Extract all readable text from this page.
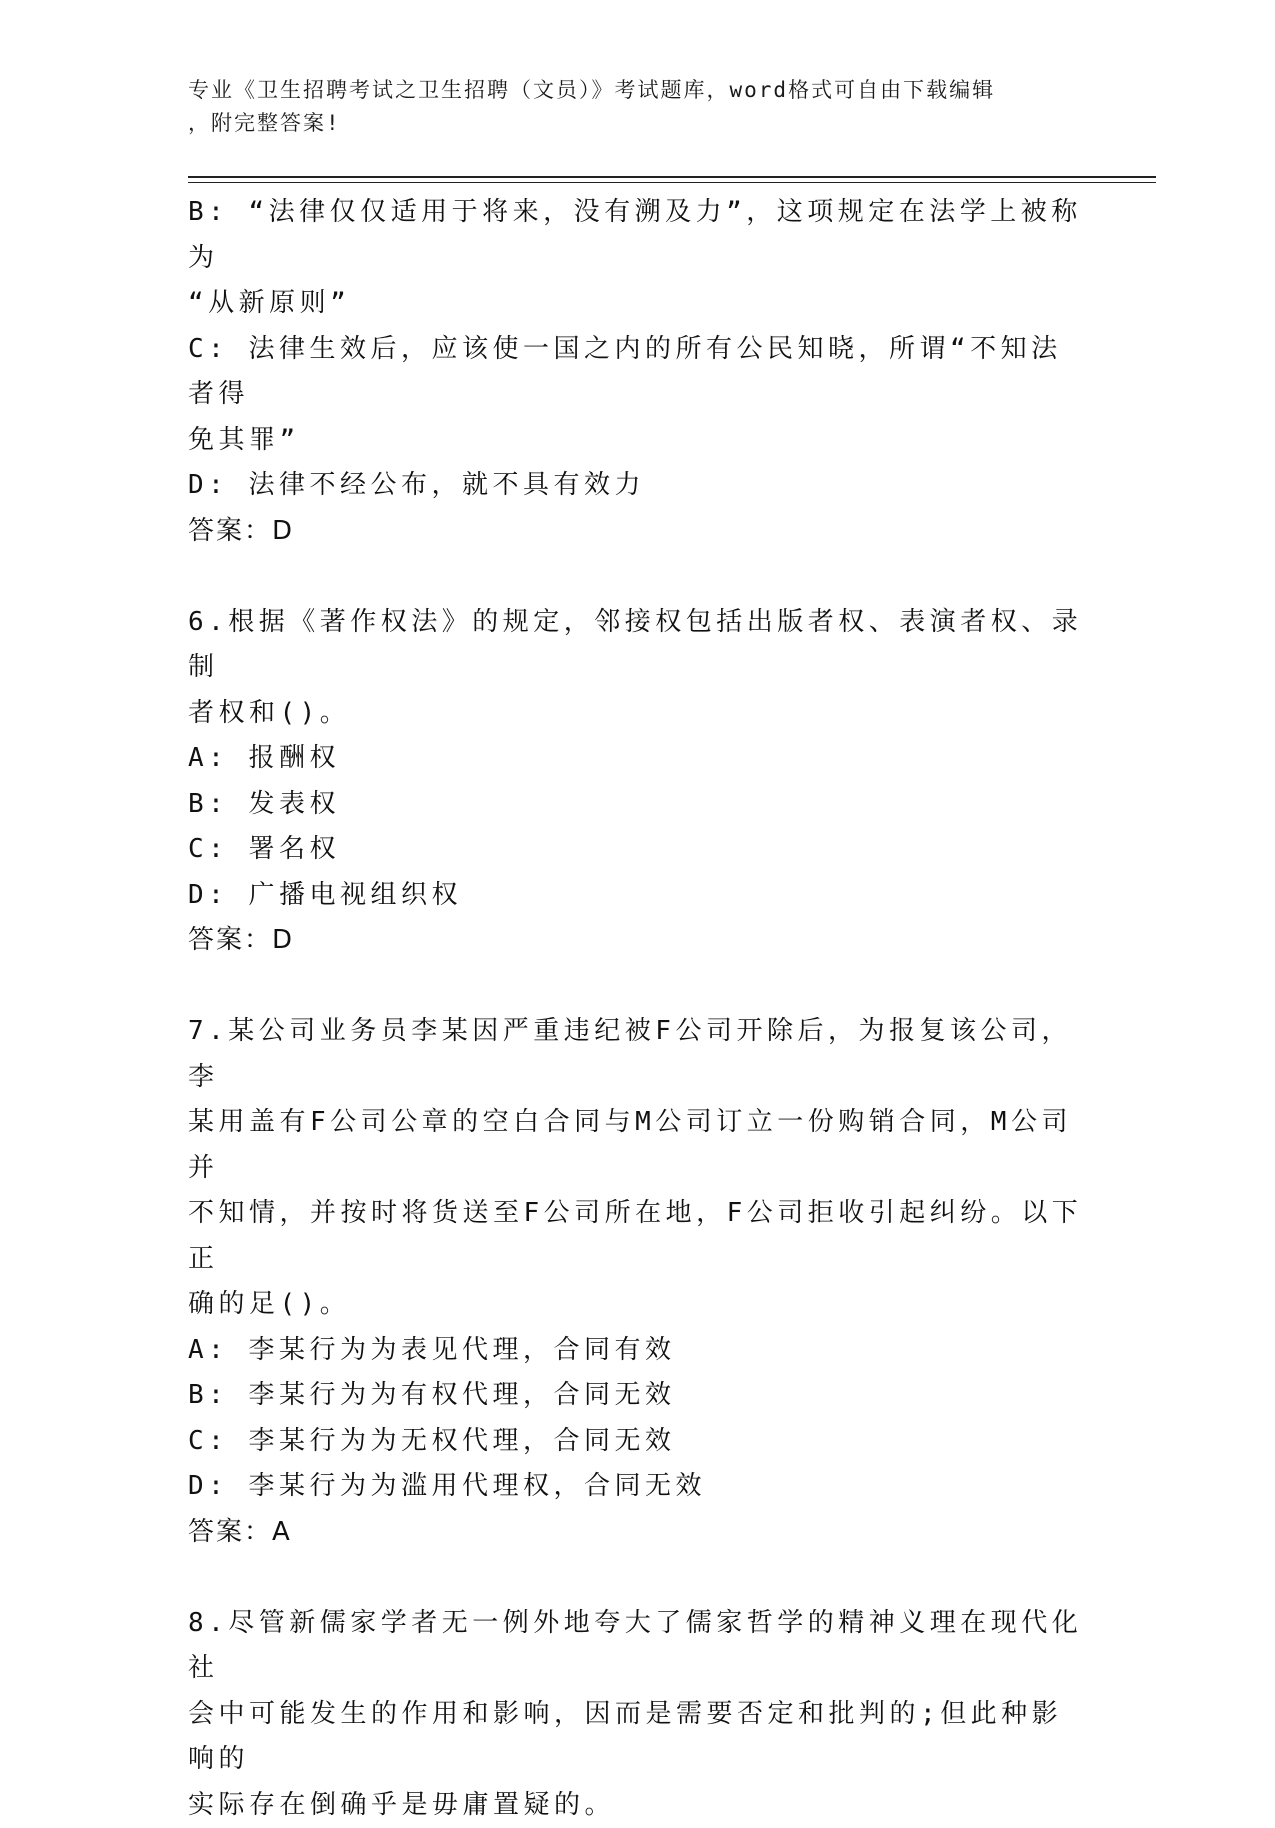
专业《卫生招聘考试之卫生招聘（文员）》考试题库，word格式可自由下载编辑
，附完整答案!
B: “法律仅仅适用于将来，没有溯及力”，这项规定在法学上被称为
“从新原则”
C: 法律生效后，应该使一国之内的所有公民知晓，所谓“不知法者得
免其罪”
D: 法律不经公布，就不具有效力
答案：D
6.根据《著作权法》的规定，邻接权包括出版者权、表演者权、录制
者权和()。
A: 报酬权
B: 发表权
C: 署名权
D: 广播电视组织权
答案：D
7.某公司业务员李某因严重违纪被F公司开除后，为报复该公司，李
某用盖有F公司公章的空白合同与M公司订立一份购销合同，M公司并
不知情，并按时将货送至F公司所在地，F公司拒收引起纠纷。以下正
确的足()。
A: 李某行为为表见代理，合同有效
B: 李某行为为有权代理，合同无效
C: 李某行为为无权代理，合同无效
D: 李某行为为滥用代理权，合同无效
答案：A
8.尽管新儒家学者无一例外地夸大了儒家哲学的精神义理在现代化社
会中可能发生的作用和影响，因而是需要否定和批判的;但此种影响的
实际存在倒确乎是毋庸置疑的。
